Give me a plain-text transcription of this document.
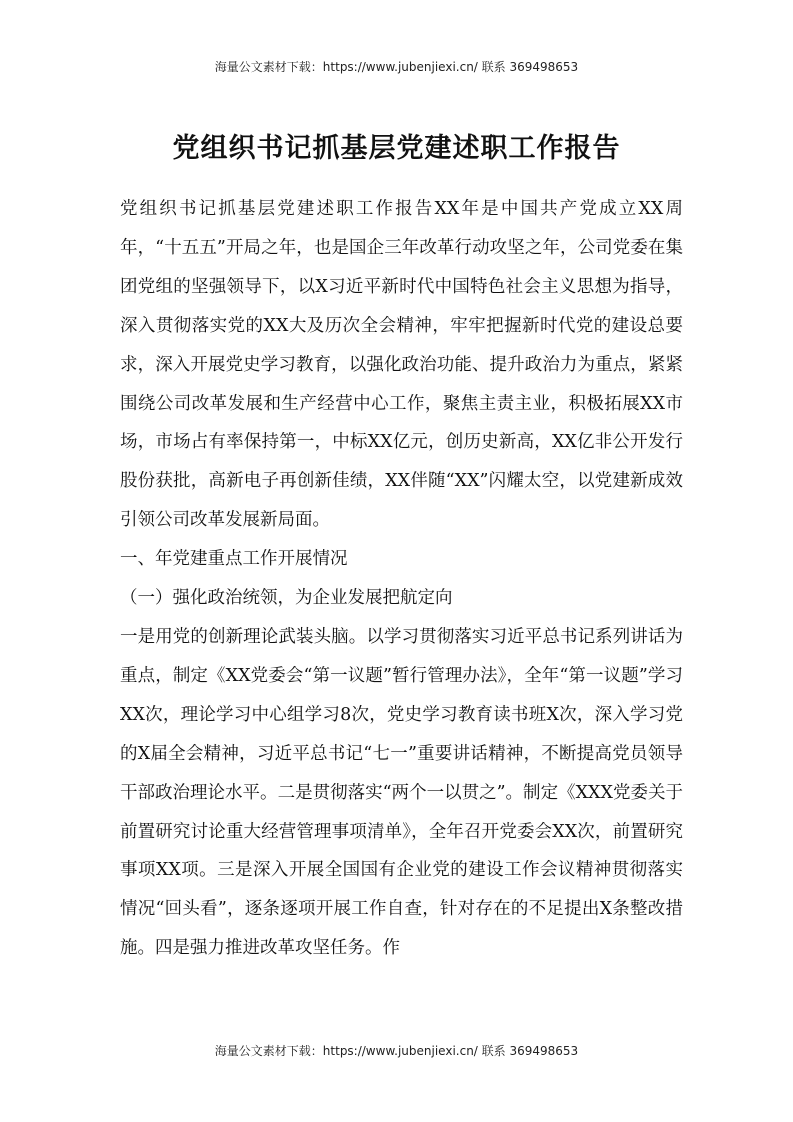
海量公文素材下载：https://www.jubenjiexi.cn/ 联系 369498653
党组织书记抓基层党建述职工作报告

党组织书记抓基层党建述职工作报告XX年是中国共产党成立XX周年，“十五五”开局之年，也是国企三年改革行动攻坚之年，公司党委在集团党组的坚强领导下，以X习近平新时代中国特色社会主义思想为指导，深入贯彻落实党的XX大及历次全会精神，牢牢把握新时代党的建设总要求，深入开展党史学习教育，以强化政治功能、提升政治力为重点，紧紧围绕公司改革发展和生产经营中心工作，聚焦主责主业，积极拓展XX市场，市场占有率保持第一，中标XX亿元，创历史新高，XX亿非公开发行股份获批，高新电子再创新佳绩，XX伴随“XX”闪耀太空，以党建新成效引领公司改革发展新局面。

一、年党建重点工作开展情况

（一）强化政治统领，为企业发展把航定向

一是用党的创新理论武装头脑。以学习贯彻落实习近平总书记系列讲话为重点，制定《XX党委会“第一议题”暂行管理办法》，全年“第一议题”学习XX次，理论学习中心组学习8次，党史学习教育读书班X次，深入学习党的X届全会精神，习近平总书记“七一”重要讲话精神，不断提高党员领导干部政治理论水平。二是贯彻落实“两个一以贯之”。制定《XXX党委关于前置研究讨论重大经营管理事项清单》，全年召开党委会XX次，前置研究事项XX项。三是深入开展全国国有企业党的建设工作会议精神贯彻落实情况“回头看”，逐条逐项开展工作自查，针对存在的不足提出X条整改措施。四是强力推进改革攻坚任务。作

海量公文素材下载：https://www.jubenjiexi.cn/ 联系 369498653
